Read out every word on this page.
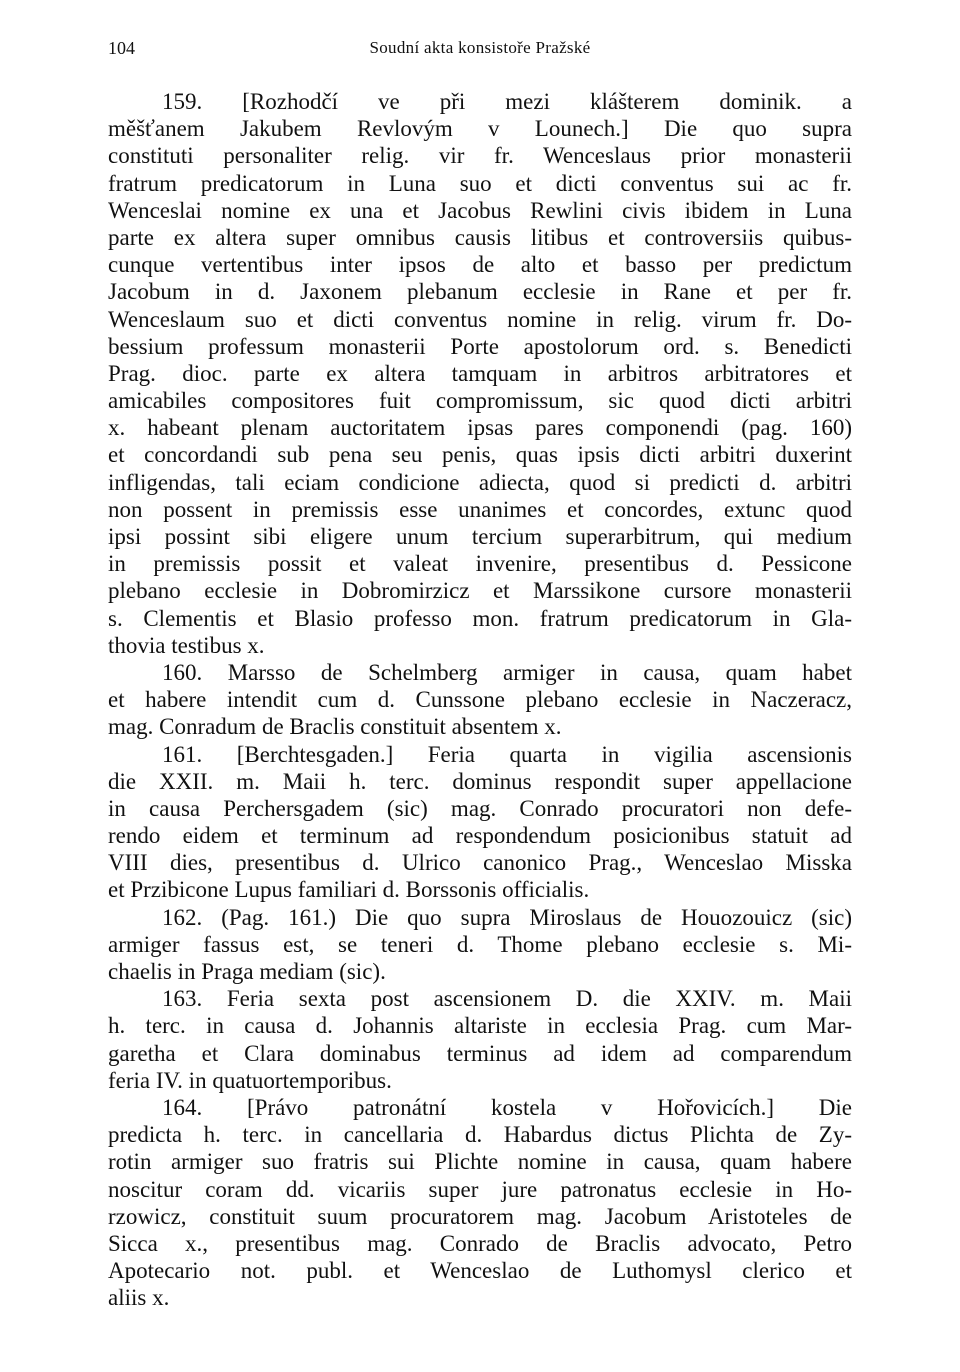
104	Soudní akta konsistoře Pražské
159. [Rozhodčí ve při mezi klášterem dominik. a
měšťanem Jakubem Revlovým v Lounech.] Die quo supra
constituti personaliter relig. vir fr. Wenceslaus prior monasterii
fratrum predicatorum in Luna suo et dicti conventus sui ac fr.
Wenceslai nomine ex una et Jacobus Rewlini civis ibidem in Luna
parte ex altera super omnibus causis litibus et controversiis quibus-
cunque vertentibus inter ipsos de alto et basso per predictum
Jacobum in d. Jaxonem plebanum ecclesie in Rane et per fr.
Wenceslaum suo et dicti conventus nomine in relig. virum fr. Do-
bessium professum monasterii Porte apostolorum ord. s. Benedicti
Prag. dioc. parte ex altera tamquam in arbitros arbitratores et
amicabiles compositores fuit compromissum, sic quod dicti arbitri
x. habeant plenam auctoritatem ipsas pares componendi (pag. 160)
et concordandi sub pena seu penis, quas ipsis dicti arbitri duxerint
infligendas, tali eciam condicione adiecta, quod si predicti d. arbitri
non possent in premissis esse unanimes et concordes, extunc quod
ipsi possint sibi eligere unum tercium superarbitrum, qui medium
in premissis possit et valeat invenire, presentibus d. Pessicone
plebano ecclesie in Dobromirzicz et Marssikone cursore monasterii
s. Clementis et Blasio professo mon. fratrum predicatorum in Gla-
thovia testibus x.
160. Marsso de Schelmberg armiger in causa, quam habet
et habere intendit cum d. Cunssone plebano ecclesie in Naczeracz,
mag. Conradum de Braclis constituit absentem x.
161. [Berchtesgaden.] Feria quarta in vigilia ascensionis
die XXII. m. Maii h. terc. dominus respondit super appellacione
in causa Perchersgadem (sic) mag. Conrado procuratori non defe-
rendo eidem et terminum ad respondendum posicionibus statuit ad
VIII dies, presentibus d. Ulrico canonico Prag., Wenceslao Misska
et Przibicone Lupus familiari d. Borssonis officialis.
162. (Pag. 161.) Die quo supra Miroslaus de Houozouicz (sic)
armiger fassus est, se teneri d. Thome plebano ecclesie s. Mi-
chaelis in Praga mediam (sic).
163. Feria sexta post ascensionem D. die XXIV. m. Maii
h. terc. in causa d. Johannis altariste in ecclesia Prag. cum Mar-
garetha et Clara dominabus terminus ad idem ad comparendum
feria IV. in quatuortemporibus.
164. [Právo patronátní kostela v Hořovicích.] Die
predicta h. terc. in cancellaria d. Habardus dictus Plichta de Zy-
rotin armiger suo fratris sui Plichte nomine in causa, quam habere
noscitur coram dd. vicariis super jure patronatus ecclesie in Ho-
rzowicz, constituit suum procuratorem mag. Jacobum Aristoteles de
Sicca x., presentibus mag. Conrado de Braclis advocato, Petro
Apotecario not. publ. et Wenceslao de Luthomysl clerico et
aliis x.
